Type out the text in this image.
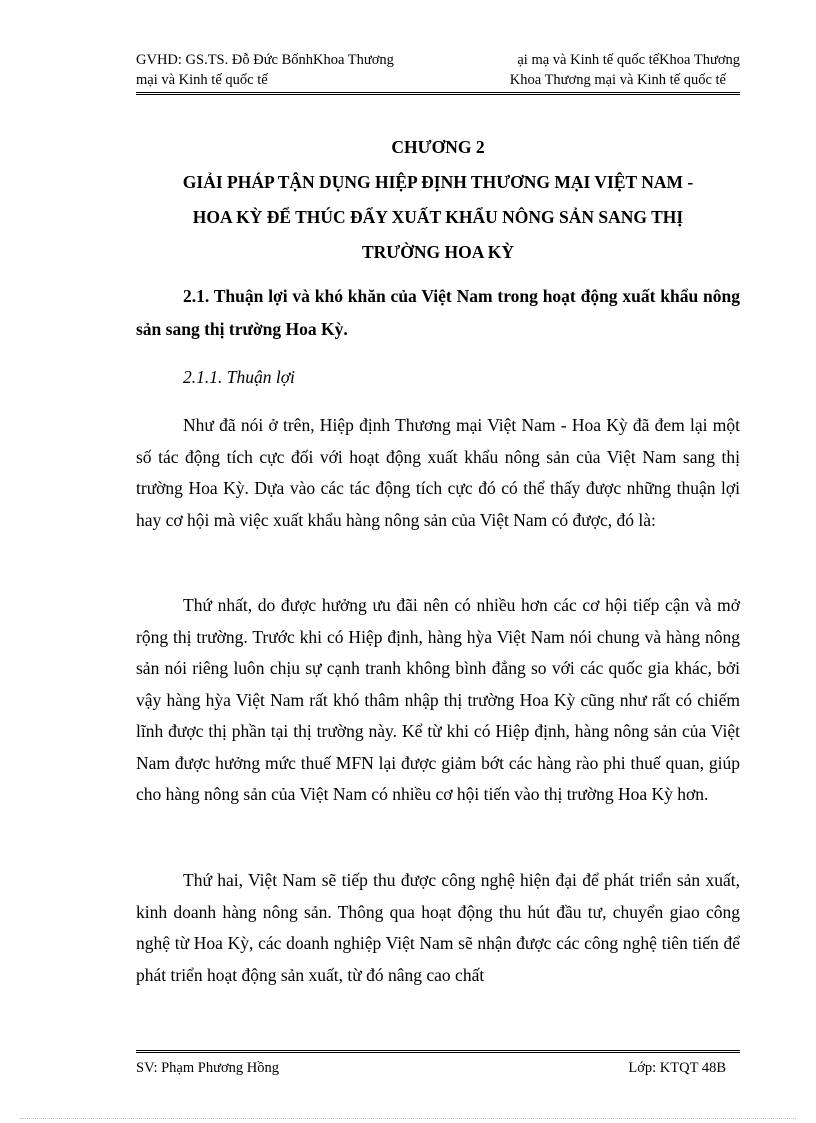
GVHD: GS.TS. Đỗ Đức BốnhKhoa Thương	ại mạ và Kinh tế quốc tếKhoa Thương
mại và Kinh tế quốc tế	Khoa Thương mại và Kinh tế quốc tế
CHƯƠNG 2
GIẢI PHÁP TẬN DỤNG HIỆP ĐỊNH THƯƠNG MẠI VIỆT NAM -
HOA KỲ ĐỂ THÚC ĐẨY XUẤT KHẨU NÔNG SẢN SANG THỊ
TRƯỜNG HOA KỲ
2.1. Thuận lợi và khó khăn của Việt Nam trong hoạt động xuất khẩu nông sản sang thị trường Hoa Kỳ.
2.1.1. Thuận lợi

Như đã nói ở trên, Hiệp định Thương mại Việt Nam - Hoa Kỳ đã đem lại một số tác động tích cực đối với hoạt động xuất khẩu nông sản của Việt Nam sang thị trường Hoa Kỳ. Dựa vào các tác động tích cực đó có thể thấy được những thuận lợi hay cơ hội mà việc xuất khẩu hàng nông sản của Việt Nam có được, đó là:

Thứ nhất, do được hưởng ưu đãi nên có nhiều hơn các cơ hội tiếp cận và mở rộng thị trường. Trước khi có Hiệp định, hàng hỳa Việt Nam nói chung và hàng nông sản nói riêng luôn chịu sự cạnh tranh không bình đẳng so với các quốc gia khác, bởi vậy hàng hỳa Việt Nam rất khó thâm nhập thị trường Hoa Kỳ cũng như rất có chiếm lĩnh được thị phần tại thị trường này. Kể từ khi có Hiệp định, hàng nông sản của Việt Nam được hưởng mức thuế MFN lại được giảm bớt các hàng rào phi thuế quan, giúp cho hàng nông sản của Việt Nam có nhiều cơ hội tiến vào thị trường Hoa Kỳ hơn.

Thứ hai, Việt Nam sẽ tiếp thu được công nghệ hiện đại để phát triển sản xuất, kinh doanh hàng nông sản. Thông qua hoạt động thu hút đầu tư, chuyển giao công nghệ từ Hoa Kỳ, các doanh nghiệp Việt Nam sẽ nhận được các công nghệ tiên tiến để phát triển hoạt động sản xuất, từ đó nâng cao chất

SV: Phạm Phương Hồng	Lớp: KTQT 48B
